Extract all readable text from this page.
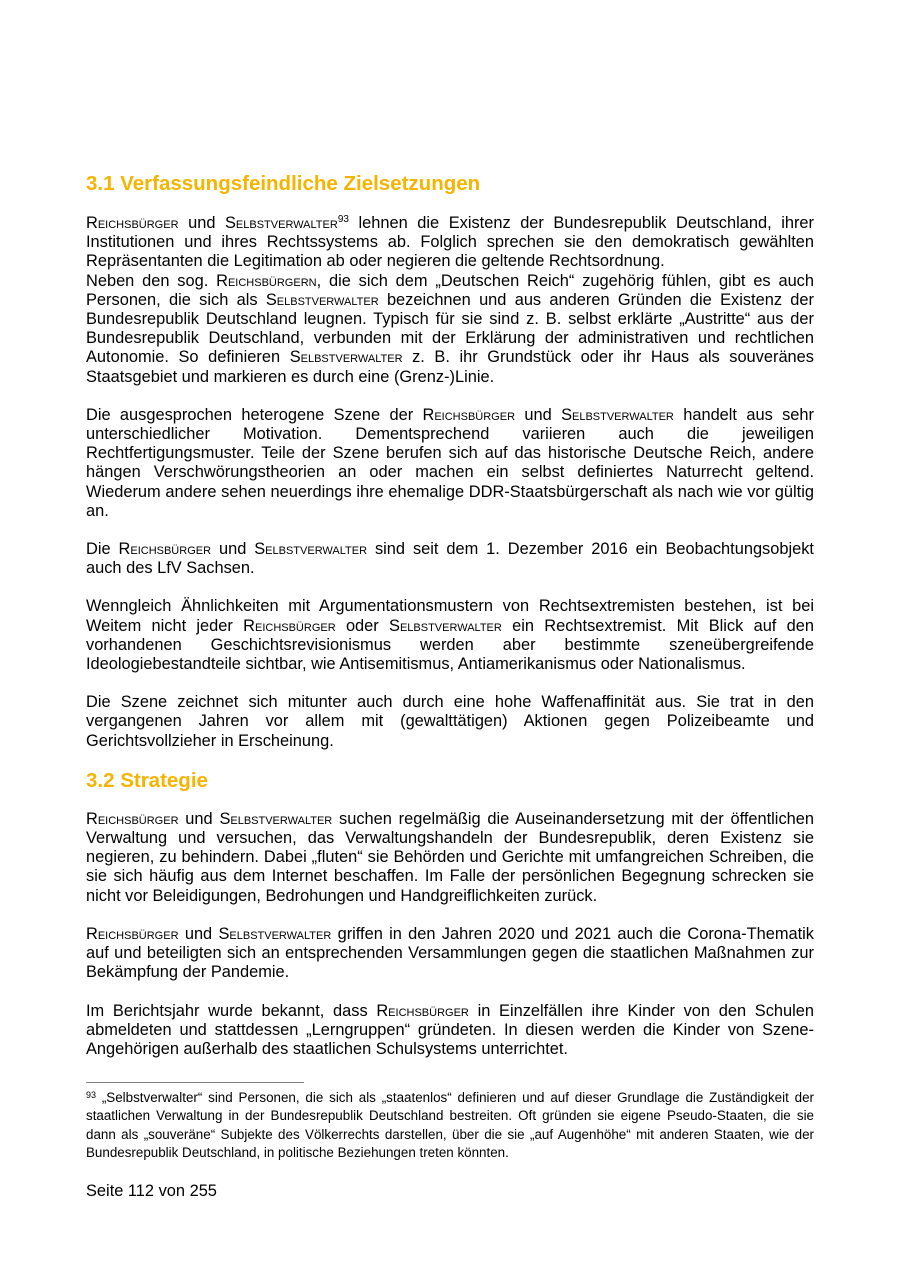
3.1 Verfassungsfeindliche Zielsetzungen

Reichsbürger und Selbstverwalter$^{93}$ lehnen die Existenz der Bundesrepublik Deutschland, ihrer Institutionen und ihres Rechtssystems ab. Folglich sprechen sie den demokratisch gewählten Repräsentanten die Legitimation ab oder negieren die geltende Rechtsordnung.

Neben den sog. Reichsbürgern, die sich dem „Deutschen Reich“ zugehörig fühlen, gibt es auch Personen, die sich als Selbstverwalter bezeichnen und aus anderen Gründen die Existenz der Bundesrepublik Deutschland leugnen. Typisch für sie sind z. B. selbst erklärte „Austritte“ aus der Bundesrepublik Deutschland, verbunden mit der Erklärung der administrativen und rechtlichen Autonomie. So definieren Selbstverwalter z. B. ihr Grundstück oder ihr Haus als souveränes Staatsgebiet und markieren es durch eine (Grenz-)Linie.

Die ausgesprochen heterogene Szene der Reichsbürger und Selbstverwalter handelt aus sehr unterschiedlicher Motivation. Dementsprechend variieren auch die jeweiligen Rechtfertigungsmuster. Teile der Szene berufen sich auf das historische Deutsche Reich, andere hängen Verschwörungstheorien an oder machen ein selbst definiertes Naturrecht geltend. Wiederum andere sehen neuerdings ihre ehemalige DDR-Staatsbürgerschaft als nach wie vor gültig an.

Die Reichsbürger und Selbstverwalter sind seit dem 1. Dezember 2016 ein Beobachtungsobjekt auch des LfV Sachsen.

Wenngleich Ähnlichkeiten mit Argumentationsmustern von Rechtsextremisten bestehen, ist bei Weitem nicht jeder Reichsbürger oder Selbstverwalter ein Rechtsextremist. Mit Blick auf den vorhandenen Geschichtsrevisionismus werden aber bestimmte szeneübergreifende Ideologiebestandteile sichtbar, wie Antisemitismus, Antiamerikanismus oder Nationalismus.

Die Szene zeichnet sich mitunter auch durch eine hohe Waffenaffinität aus. Sie trat in den vergangenen Jahren vor allem mit (gewalttätigen) Aktionen gegen Polizeibeamte und Gerichtsvollzieher in Erscheinung.

3.2 Strategie

Reichsbürger und Selbstverwalter suchen regelmäßig die Auseinandersetzung mit der öffentlichen Verwaltung und versuchen, das Verwaltungshandeln der Bundesrepublik, deren Existenz sie negieren, zu behindern. Dabei „fluten“ sie Behörden und Gerichte mit umfangreichen Schreiben, die sie sich häufig aus dem Internet beschaffen. Im Falle der persönlichen Begegnung schrecken sie nicht vor Beleidigungen, Bedrohungen und Handgreiflichkeiten zurück.

Reichsbürger und Selbstverwalter griffen in den Jahren 2020 und 2021 auch die Corona-Thematik auf und beteiligten sich an entsprechenden Versammlungen gegen die staatlichen Maßnahmen zur Bekämpfung der Pandemie.

Im Berichtsjahr wurde bekannt, dass Reichsbürger in Einzelfällen ihre Kinder von den Schulen abmeldeten und stattdessen „Lerngruppen“ gründeten. In diesen werden die Kinder von Szene-Angehörigen außerhalb des staatlichen Schulsystems unterrichtet.

$^{93}$ „Selbstverwalter“ sind Personen, die sich als „staatenlos“ definieren und auf dieser Grundlage die Zuständigkeit der staatlichen Verwaltung in der Bundesrepublik Deutschland bestreiten. Oft gründen sie eigene Pseudo-Staaten, die sie dann als „souveräne“ Subjekte des Völkerrechts darstellen, über die sie „auf Augenhöhe“ mit anderen Staaten, wie der Bundesrepublik Deutschland, in politische Beziehungen treten könnten.

Seite 112 von 255
